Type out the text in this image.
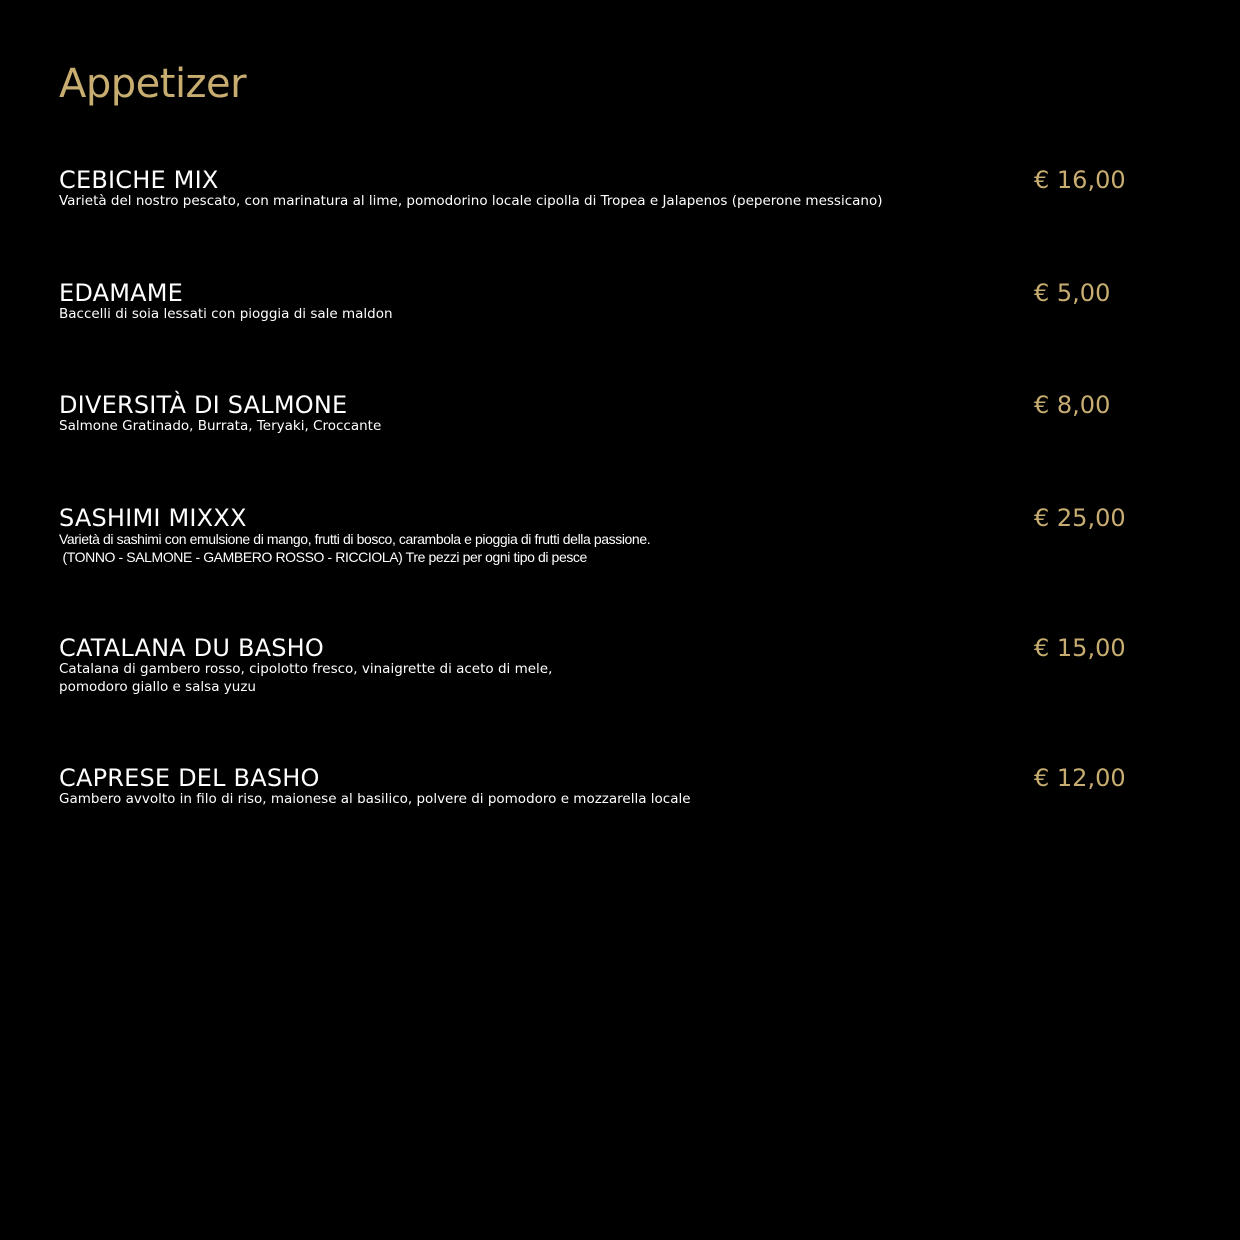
Appetizer
CEBICHE MIX

Varietà del nostro pescato, con marinatura al lime, pomodorino locale cipolla di Tropea e Jalapenos (peperone messicano)

€ 16,00
EDAMAME

Baccelli di soia lessati con pioggia di sale maldon

€ 5,00
DIVERSITÀ DI SALMONE

Salmone Gratinado, Burrata, Teryaki, Croccante

€ 8,00
SASHIMI MIXXX

Varietà di sashimi con emulsione di mango, frutti di bosco, carambola e pioggia di frutti della passione.
(TONNO - SALMONE - GAMBERO ROSSO - RICCIOLA) Tre pezzi per ogni tipo di pesce

€ 25,00
CATALANA DU BASHO

Catalana di gambero rosso, cipolotto fresco, vinaigrette di aceto di mele,
pomodoro giallo e salsa yuzu

€ 15,00
CAPRESE DEL BASHO

Gambero avvolto in filo di riso, maionese al basilico, polvere di pomodoro e mozzarella locale

€ 12,00
